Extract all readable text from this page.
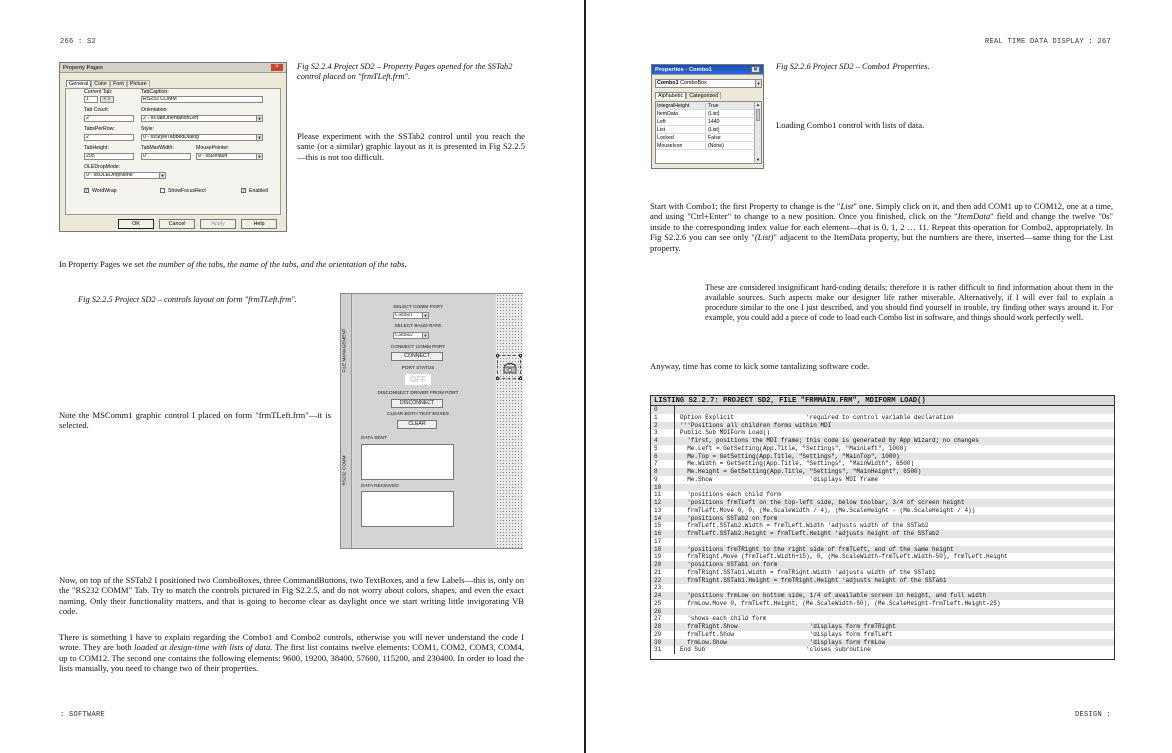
266 : S2
Property Pages	×
General	Color	Font	Picture
Current Tab:
1	< >
TabCaption:
RS232 COMM
Tab Count:
2
Orientation:
2 - ssTabOrientationLeft	▼
TabsPerRow:
2
Style:
0 - ssStyleTabbedDialog	▼
TabHeight:
295
TabMaxWidth:
0
MousePointer:
0 - ssDefault	▼
OLEDropMode:
0 - ssOLEDropNone	▼
✓ WordWrap	ShowFocusRect	✓ Enabled
OK	Cancel	Apply	Help
Fig S2.2.4 Project SD2 – Property Pages opened for the SSTab2 control placed on "frmTLeft.frm".
Please experiment with the SSTab2 control until you reach the same (or a similar) graphic layout as it is presented in Fig S2.2.5—this is not too difficult.
In Property Pages we set the number of the tabs, the name of the tabs, and the orientation of the tabs.
Fig S2.2.5 Project SD2 – controls layout on form "frmTLeft.frm".
FILE MANAGEMENT
RS232 COMM
SELECT COMM PORT
Combo1	▼
SELECT BAUD RATE
Combo2	▼
CONNECT COMM PORT
CONNECT
PORT STATUS
OFF
DISCONNECT DRIVER FROM PORT
DISCONNECT
CLEAR BOTH TEXT BOXES
CLEAR
DATA SENT
DATA RECEIVED
Note the MSComm1 graphic control I placed on form "frmTLeft.frm"—it is selected.
Now, on top of the SSTab2 I positioned two ComboBoxes, three CommandButtons, two TextBoxes, and a few Labels—this is, only on the "RS232 COMM" Tab. Try to match the controls pictured in Fig S2.2.5, and do not worry about colors, shapes, and even the exact naming. Only their functionality matters, and that is going to become clear as daylight once we start writing little invigorating VB code.
There is something I have to explain regarding the Combo1 and Combo2 controls, otherwise you will never understand the code I wrote. They are both loaded at design-time with lists of data. The first list contains twelve elements: COM1, COM2, COM3, COM4, up to COM12. The second one contains the following elements: 9600, 19200, 38400, 57600, 115200, and 230400. In order to load the lists manually, you need to change two of their properties.
: SOFTWARE
REAL TIME DATA DISPLAY : 267
Properties - Combo1	×
Combo1 ComboBox	▼
Alphabetic	Categorized
IntegralHeight	True
ItemData	(List)
Left	1440
List	(List)
Locked	False
MouseIcon	(None)
▲
▼
Fig S2.2.6 Project SD2 – Combo1 Properties.
Loading Combo1 control with lists of data.
Start with Combo1; the first Property to change is the "List" one. Simply click on it, and then add COM1 up to COM12, one at a time, and using "Ctrl+Enter" to change to a new position. Once you finished, click on the "ItemData" field and change the twelve "0s" inside to the corresponding index value for each element—that is 0, 1, 2 … 11. Repeat this operation for Combo2, appropriately. In Fig S2.2.6 you can see only "(List)" adjacent to the ItemData property, but the numbers are there, inserted—same thing for the List property.
These are considered insignificant hard-coding details; therefore it is rather difficult to find information about them in the available sources. Such aspects make our designer life rather miserable. Alternatively, if I will ever fail to explain a procedure similar to the one I just described, and you should find yourself in trouble, try finding other ways around it. For example, you could add a piece of code to load each Combo list in software, and things should work perfectly well.
Anyway, time has come to kick some tantalizing software code.
LISTING S2.2.7: PROJECT SD2, FILE "FRMMAIN.FRM", MDIFORM LOAD()
0
1	Option Explicit                    'required to control variable declaration
2	'''Positions all children forms within MDI
3	Public Sub MDIForm Load()
4	'first, positions the MDI frame; this code is generated by App Wizard; no changes
5	Me.Left = GetSetting(App.Title, "Settings", "MainLeft", 1000)
6	Me.Top = GetSetting(App.Title, "Settings", "MainTop", 1000)
7	Me.Width = GetSetting(App.Title, "Settings", "MainWidth", 6500)
8	Me.Height = GetSetting(App.Title, "Settings", "MainHeight", 6500)
9	Me.Show                           'displays MDI frame
10
11	'positions each child form
12	'positions frmTLeft on the top-left side, below toolbar, 3/4 of screen height
13	frmTLeft.Move 0, 0, (Me.ScaleWidth / 4), (Me.ScaleHeight - (Me.ScaleHeight / 4))
14	'positions SSTab2 on form
15	frmTLeft.SSTab2.Width = frmTLeft.Width 'adjusts width of the SSTab2
16	frmTLeft.SSTab2.Height = frmTLeft.Height 'adjusts height of the SSTab2
17
18	'positions frmTRight to the right side of frmTLeft, and of the same height
19	frmTRight.Move (frmTLeft.Width+15), 0, (Me.ScaleWidth-frmTLeft.Width-50), frmTLeft.Height
20	'positions SSTab1 on form
21	frmTRight.SSTab1.Width = frmTRight.Width 'adjusts width of the SSTab1
22	frmTRight.SSTab1.Height = frmTRight.Height 'adjusts height of the SSTab1
23
24	'positions frmLow on bottom side, 1/4 of available screen in height, and full width
25	frmLow.Move 0, frmTLeft.Height, (Me.ScaleWidth-50), (Me.ScaleHeight-frmTLeft.Height-25)
26
27	'shows each child form
28	frmTRight.Show                    'displays form frmTRight
29	frmTLeft.Show                     'displays form frmTLeft
30	frmLow.Show                       'displays form frmLow
31	End Sub                            'closes subroutine
DESIGN :
